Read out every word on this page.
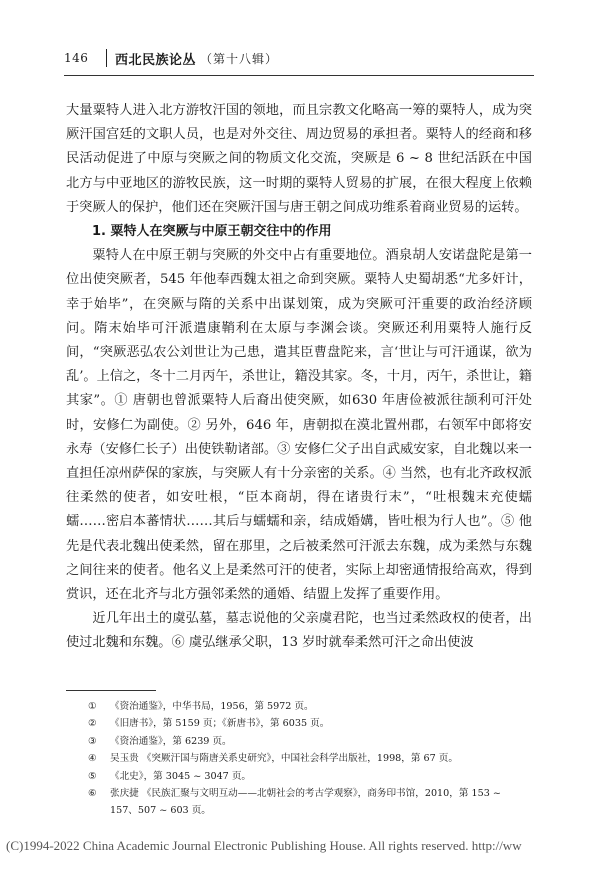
146	西北民族论丛 （第十八辑）

大量粟特人进入北方游牧汗国的领地，而且宗教文化略高一筹的粟特人，成为突厥汗国宫廷的文职人员，也是对外交往、周边贸易的承担者。粟特人的经商和移民活动促进了中原与突厥之间的物质文化交流，突厥是 6 ~ 8 世纪活跃在中国北方与中亚地区的游牧民族，这一时期的粟特人贸易的扩展，在很大程度上依赖于突厥人的保护，他们还在突厥汗国与唐王朝之间成功维系着商业贸易的运转。

1. 粟特人在突厥与中原王朝交往中的作用

粟特人在中原王朝与突厥的外交中占有重要地位。酒泉胡人安诺盘陀是第一位出使突厥者，545 年他奉西魏太祖之命到突厥。粟特人史蜀胡悉“尤多奸计，幸于始毕”，在突厥与隋的关系中出谋划策，成为突厥可汗重要的政治经济顾问。隋末始毕可汗派遣康鞘利在太原与李渊会谈。突厥还利用粟特人施行反间，“突厥恶弘农公刘世让为己患，遣其臣曹盘陀来，言‘世让与可汗通谋，欲为乱’。上信之，冬十二月丙午，杀世让，籍没其家。冬，十月，丙午，杀世让，籍其家”。① 唐朝也曾派粟特人后裔出使突厥，如630 年唐俭被派往颉利可汗处时，安修仁为副使。② 另外，646 年，唐朝拟在漠北置州郡，右领军中郎将安永寿（安修仁长子）出使铁勒诸部。③ 安修仁父子出自武威安家，自北魏以来一直担任凉州萨保的家族，与突厥人有十分亲密的关系。④ 当然，也有北齐政权派往柔然的使者，如安吐根，“臣本商胡，得在诸贵行末”，“吐根魏末充使蠕蠕……密启本蕃情状……其后与蠕蠕和亲，结成婚媾，皆吐根为行人也”。⑤ 他先是代表北魏出使柔然，留在那里，之后被柔然可汗派去东魏，成为柔然与东魏之间往来的使者。他名义上是柔然可汗的使者，实际上却密通情报给高欢，得到赏识，还在北齐与北方强邻柔然的通婚、结盟上发挥了重要作用。

近几年出土的虞弘墓，墓志说他的父亲虞君陀，也当过柔然政权的使者，出使过北魏和东魏。⑥ 虞弘继承父职，13 岁时就奉柔然可汗之命出使波

①	《资治通鉴》，中华书局，1956，第 5972 页。
②	《旧唐书》，第 5159 页；《新唐书》，第 6035 页。
③	《资治通鉴》，第 6239 页。
④	吴玉贵 《突厥汗国与隋唐关系史研究》，中国社会科学出版社，1998，第 67 页。
⑤	《北史》，第 3045 ~ 3047 页。
⑥	张庆捷 《民族汇聚与文明互动——北朝社会的考古学观察》，商务印书馆，2010，第 153 ~ 157、507 ~ 603 页。
(C)1994-2022 China Academic Journal Electronic Publishing House. All rights reserved. http://ww
